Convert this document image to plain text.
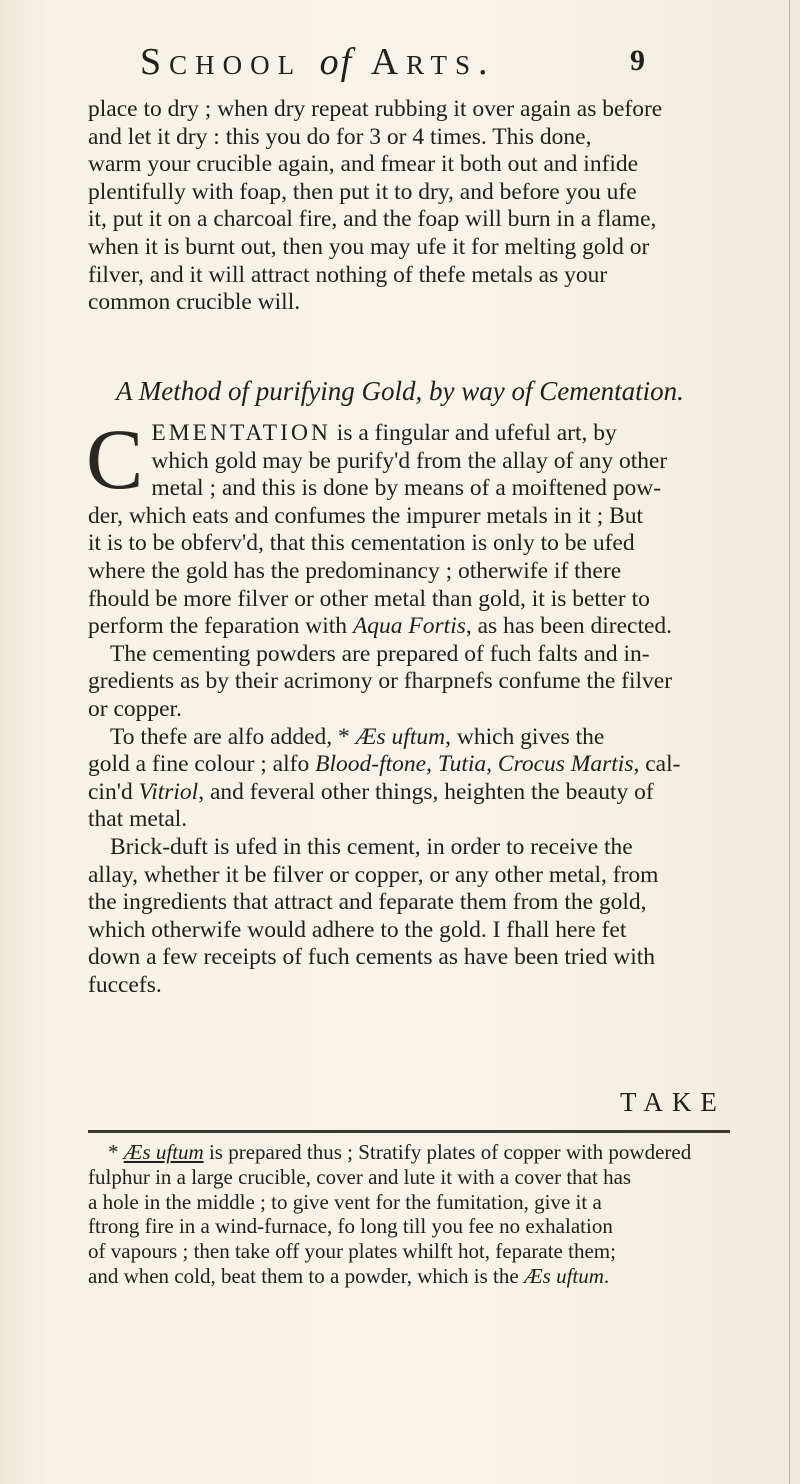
School of Arts.	9
place to dry ; when dry repeat rubbing it over again as before
and let it dry : this you do for 3 or 4 times. This done,
warm your crucible again, and fmear it both out and infide
plentifully with foap, then put it to dry, and before you ufe
it, put it on a charcoal fire, and the foap will burn in a flame,
when it is burnt out, then you may ufe it for melting gold or
filver, and it will attract nothing of thefe metals as your
common crucible will.
A Method of purifying Gold, by way of Cementation.
C EMENTATION is a fingular and ufeful art, by
which gold may be purify'd from the allay of any other
metal ; and this is done by means of a moiftened pow-
der, which eats and confumes the impurer metals in it ; But
it is to be obferv'd, that this cementation is only to be ufed
where the gold has the predominancy ; otherwife if there
fhould be more filver or other metal than gold, it is better to
perform the feparation with Aqua Fortis, as has been directed.
The cementing powders are prepared of fuch falts and in-
gredients as by their acrimony or fharpnefs confume the filver
or copper.
To thefe are alfo added, * Æs uftum, which gives the
gold a fine colour ; alfo Blood-ftone, Tutia, Crocus Martis, cal-
cin'd Vitriol, and feveral other things, heighten the beauty of
that metal.
Brick-duft is ufed in this cement, in order to receive the
allay, whether it be filver or copper, or any other metal, from
the ingredients that attract and feparate them from the gold,
which otherwife would adhere to the gold. I fhall here fet
down a few receipts of fuch cements as have been tried with
fuccefs.
TAKE
* Æs uftum is prepared thus ; Stratify plates of copper with powdered
fulphur in a large crucible, cover and lute it with a cover that has
a hole in the middle ; to give vent for the fumitation, give it a
ftrong fire in a wind-furnace, fo long till you fee no exhalation
of vapours ; then take off your plates whilft hot, feparate them;
and when cold, beat them to a powder, which is the Æs uftum.
